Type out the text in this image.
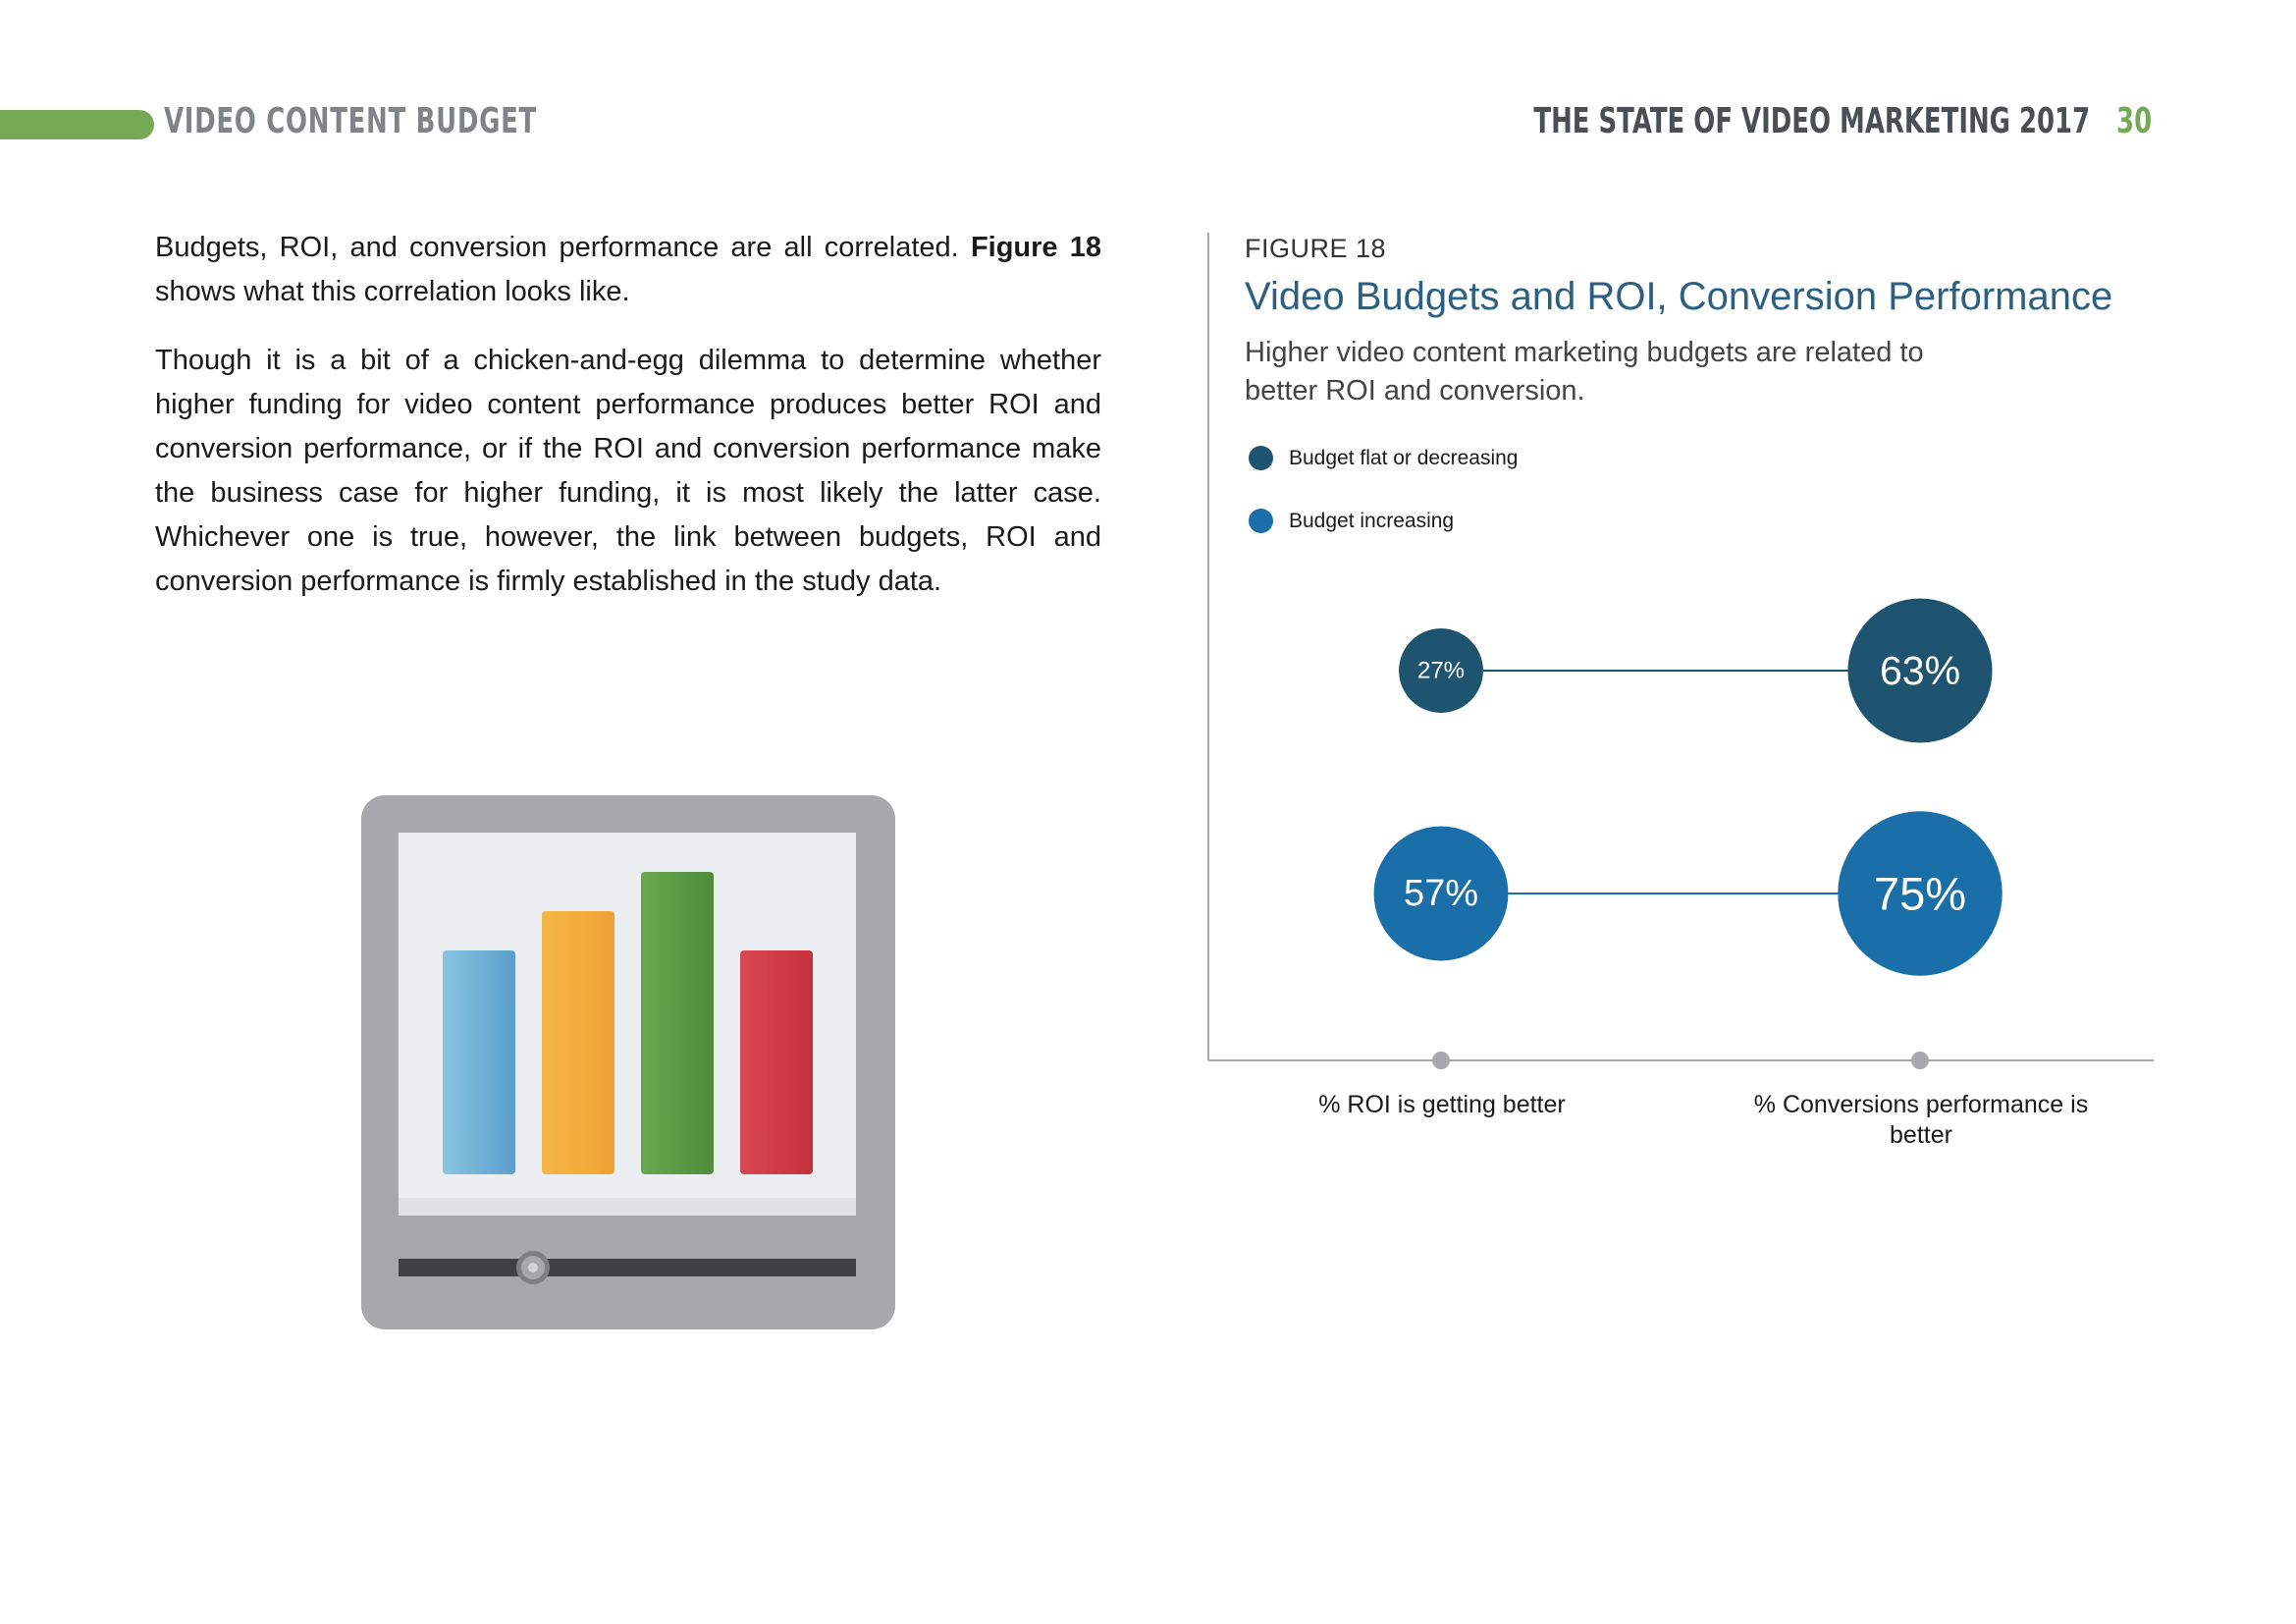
VIDEO CONTENT BUDGET	THE STATE OF VIDEO MARKETING 2017 30

Budgets, ROI, and conversion performance are all correlated. Figure 18 shows what this correlation looks like.

Though it is a bit of a chicken-and-egg dilemma to determine whether higher funding for video content performance produces better ROI and conversion performance, or if the ROI and conversion performance make the business case for higher funding, it is most likely the latter case. Whichever one is true, however, the link between budgets, ROI and conversion performance is firmly established in the study data.

FIGURE 18
Video Budgets and ROI, Conversion Performance

Higher video content marketing budgets are related to better ROI and conversion.

Budget flat or decreasing
Budget increasing
27%	63%
57%	75%
% ROI is getting better	% Conversions performance is better
